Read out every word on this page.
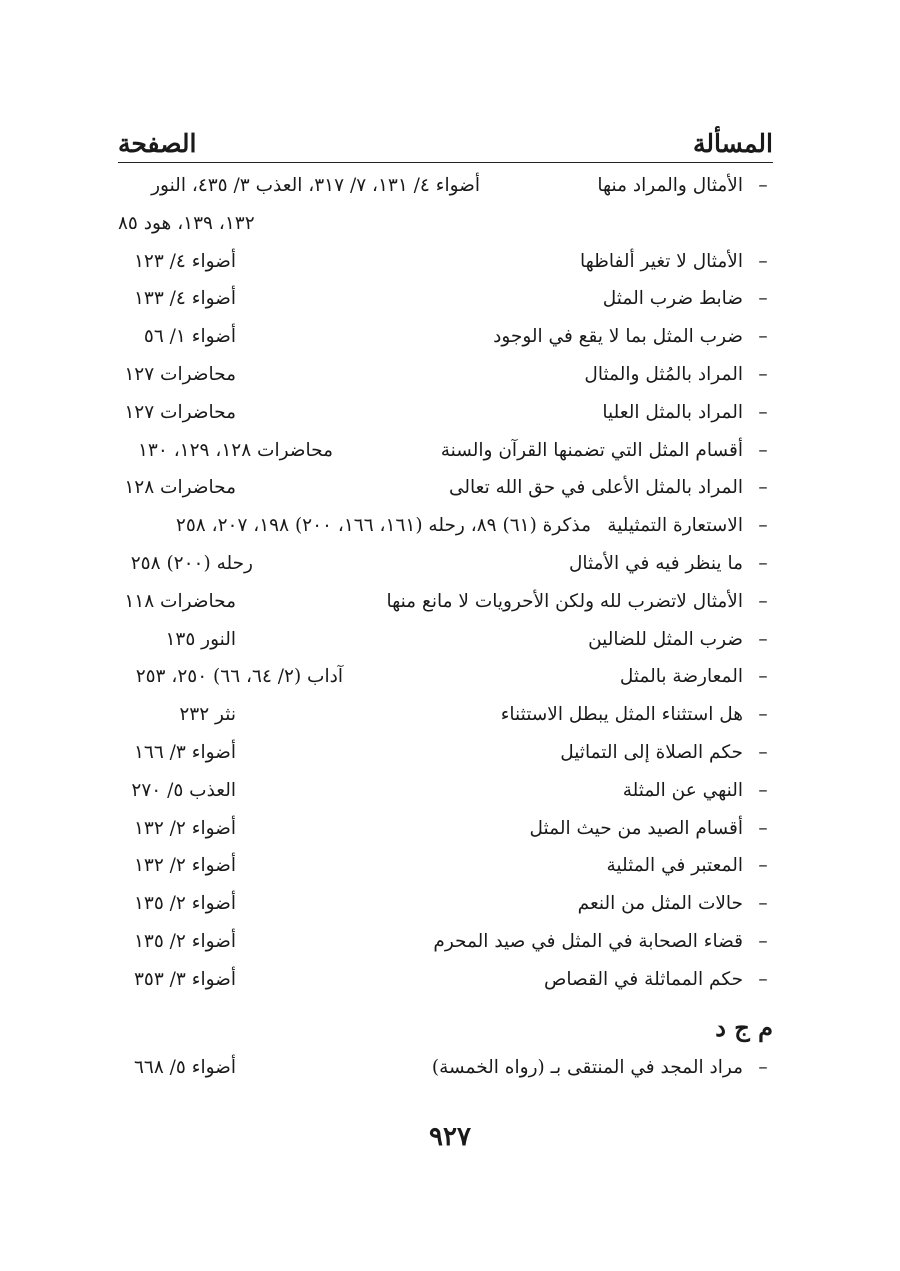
المسألة
الصفحة
–
الأمثال والمراد منها
أضواء ٤/ ١٣١، ٧/ ٣١٧، العذب ٣/ ٤٣٥، النور
١٣٢، ١٣٩، هود ٨٥
–
الأمثال لا تغير ألفاظها
أضواء ٤/ ١٢٣
–
ضابط ضرب المثل
أضواء ٤/ ١٣٣
–
ضرب المثل بما لا يقع في الوجود
أضواء ١/ ٥٦
–
المراد بالمُثل والمثال
محاضرات ١٢٧
–
المراد بالمثل العليا
محاضرات ١٢٧
–
أقسام المثل التي تضمنها القرآن والسنة
محاضرات ١٢٨، ١٢٩، ١٣٠
–
المراد بالمثل الأعلى في حق الله تعالى
محاضرات ١٢٨
–
الاستعارة التمثيلية
مذكرة (٦١) ٨٩، رحله (١٦١، ١٦٦، ٢٠٠) ١٩٨، ٢٠٧، ٢٥٨
–
ما ينظر فيه في الأمثال
رحله (٢٠٠) ٢٥٨
–
الأمثال لاتضرب لله ولكن الأحرويات لا مانع منها
محاضرات ١١٨
–
ضرب المثل للضالين
النور ١٣٥
–
المعارضة بالمثل
آداب (٢/ ٦٤، ٦٦) ٢٥٠، ٢٥٣
–
هل استثناء المثل يبطل الاستثناء
نثر ٢٣٢
–
حكم الصلاة إلى التماثيل
أضواء ٣/ ١٦٦
–
النهي عن المثلة
العذب ٥/ ٢٧٠
–
أقسام الصيد من حيث المثل
أضواء ٢/ ١٣٢
–
المعتبر في المثلية
أضواء ٢/ ١٣٢
–
حالات المثل من النعم
أضواء ٢/ ١٣٥
–
قضاء الصحابة في المثل في صيد المحرم
أضواء ٢/ ١٣٥
–
حكم المماثلة في القصاص
أضواء ٣/ ٣٥٣
م ج د
–
مراد المجد في المنتقى بـ (رواه الخمسة)
أضواء ٥/ ٦٦٨
٩٢٧
